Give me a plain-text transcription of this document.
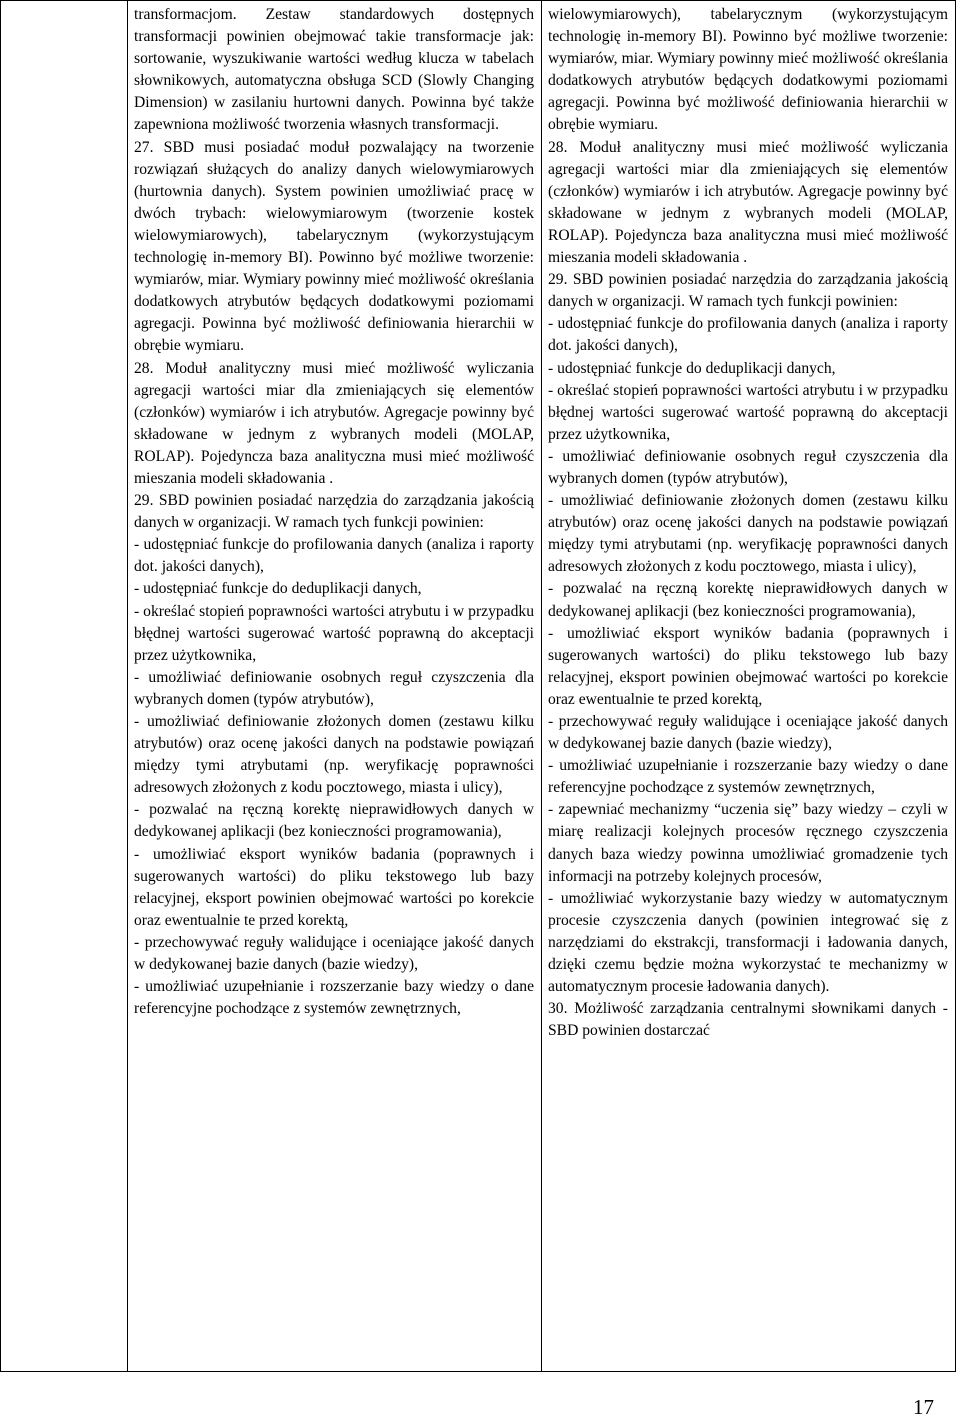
transformacjom. Zestaw standardowych dostępnych transformacji powinien obejmować takie transformacje jak: sortowanie, wyszukiwanie wartości według klucza w tabelach słownikowych, automatyczna obsługa SCD (Slowly Changing Dimension) w zasilaniu hurtowni danych. Powinna być także zapewniona możliwość tworzenia własnych transformacji.

27. SBD musi posiadać moduł pozwalający na tworzenie rozwiązań służących do analizy danych wielowymiarowych (hurtownia danych). System powinien umożliwiać pracę w dwóch trybach: wielowymiarowym (tworzenie kostek wielowymiarowych), tabelarycznym (wykorzystującym technologię in-memory BI). Powinno być możliwe tworzenie: wymiarów, miar. Wymiary powinny mieć możliwość określania dodatkowych atrybutów będących dodatkowymi poziomami agregacji. Powinna być możliwość definiowania hierarchii w obrębie wymiaru.

28. Moduł analityczny musi mieć możliwość wyliczania agregacji wartości miar dla zmieniających się elementów (członków) wymiarów i ich atrybutów. Agregacje powinny być składowane w jednym z wybranych modeli (MOLAP, ROLAP). Pojedyncza baza analityczna musi mieć możliwość mieszania modeli składowania .

29. SBD powinien posiadać narzędzia do zarządzania jakością danych w organizacji. W ramach tych funkcji powinien:

- udostępniać funkcje do profilowania danych (analiza i raporty dot. jakości danych),

- udostępniać funkcje do deduplikacji danych,

- określać stopień poprawności wartości atrybutu i w przypadku błędnej wartości sugerować wartość poprawną do akceptacji przez użytkownika,

- umożliwiać definiowanie osobnych reguł czyszczenia dla wybranych domen (typów atrybutów),

- umożliwiać definiowanie złożonych domen (zestawu kilku atrybutów) oraz ocenę jakości danych na podstawie powiązań między tymi atrybutami (np. weryfikację poprawności adresowych złożonych z kodu pocztowego, miasta i ulicy),

- pozwalać na ręczną korektę nieprawidłowych danych w dedykowanej aplikacji (bez konieczności programowania),

- umożliwiać eksport wyników badania (poprawnych i sugerowanych wartości) do pliku tekstowego lub bazy relacyjnej, eksport powinien obejmować wartości po korekcie oraz ewentualnie te przed korektą,

- przechowywać reguły walidujące i oceniające jakość danych w dedykowanej bazie danych (bazie wiedzy),

- umożliwiać uzupełnianie i rozszerzanie bazy wiedzy o dane referencyjne pochodzące z systemów zewnętrznych,

wielowymiarowych), tabelarycznym (wykorzystującym technologię in-memory BI). Powinno być możliwe tworzenie: wymiarów, miar. Wymiary powinny mieć możliwość określania dodatkowych atrybutów będących dodatkowymi poziomami agregacji. Powinna być możliwość definiowania hierarchii w obrębie wymiaru.

28. Moduł analityczny musi mieć możliwość wyliczania agregacji wartości miar dla zmieniających się elementów (członków) wymiarów i ich atrybutów. Agregacje powinny być składowane w jednym z wybranych modeli (MOLAP, ROLAP). Pojedyncza baza analityczna musi mieć możliwość mieszania modeli składowania .

29. SBD powinien posiadać narzędzia do zarządzania jakością danych w organizacji. W ramach tych funkcji powinien:

- udostępniać funkcje do profilowania danych (analiza i raporty dot. jakości danych),

- udostępniać funkcje do deduplikacji danych,

- określać stopień poprawności wartości atrybutu i w przypadku błędnej wartości sugerować wartość poprawną do akceptacji przez użytkownika,

- umożliwiać definiowanie osobnych reguł czyszczenia dla wybranych domen (typów atrybutów),

- umożliwiać definiowanie złożonych domen (zestawu kilku atrybutów) oraz ocenę jakości danych na podstawie powiązań między tymi atrybutami (np. weryfikację poprawności danych adresowych złożonych z kodu pocztowego, miasta i ulicy),

- pozwalać na ręczną korektę nieprawidłowych danych w dedykowanej aplikacji (bez konieczności programowania),

- umożliwiać eksport wyników badania (poprawnych i sugerowanych wartości) do pliku tekstowego lub bazy relacyjnej, eksport powinien obejmować wartości po korekcie oraz ewentualnie te przed korektą,

- przechowywać reguły walidujące i oceniające jakość danych w dedykowanej bazie danych (bazie wiedzy),

- umożliwiać uzupełnianie i rozszerzanie bazy wiedzy o dane referencyjne pochodzące z systemów zewnętrznych,

- zapewniać mechanizmy “uczenia się” bazy wiedzy – czyli w miarę realizacji kolejnych procesów ręcznego czyszczenia danych baza wiedzy powinna umożliwiać gromadzenie tych informacji na potrzeby kolejnych procesów,

- umożliwiać wykorzystanie bazy wiedzy w automatycznym procesie czyszczenia danych (powinien integrować się z narzędziami do ekstrakcji, transformacji i ładowania danych, dzięki czemu będzie można wykorzystać te mechanizmy w automatycznym procesie ładowania danych).

30. Możliwość zarządzania centralnymi słownikami danych - SBD powinien dostarczać

17
